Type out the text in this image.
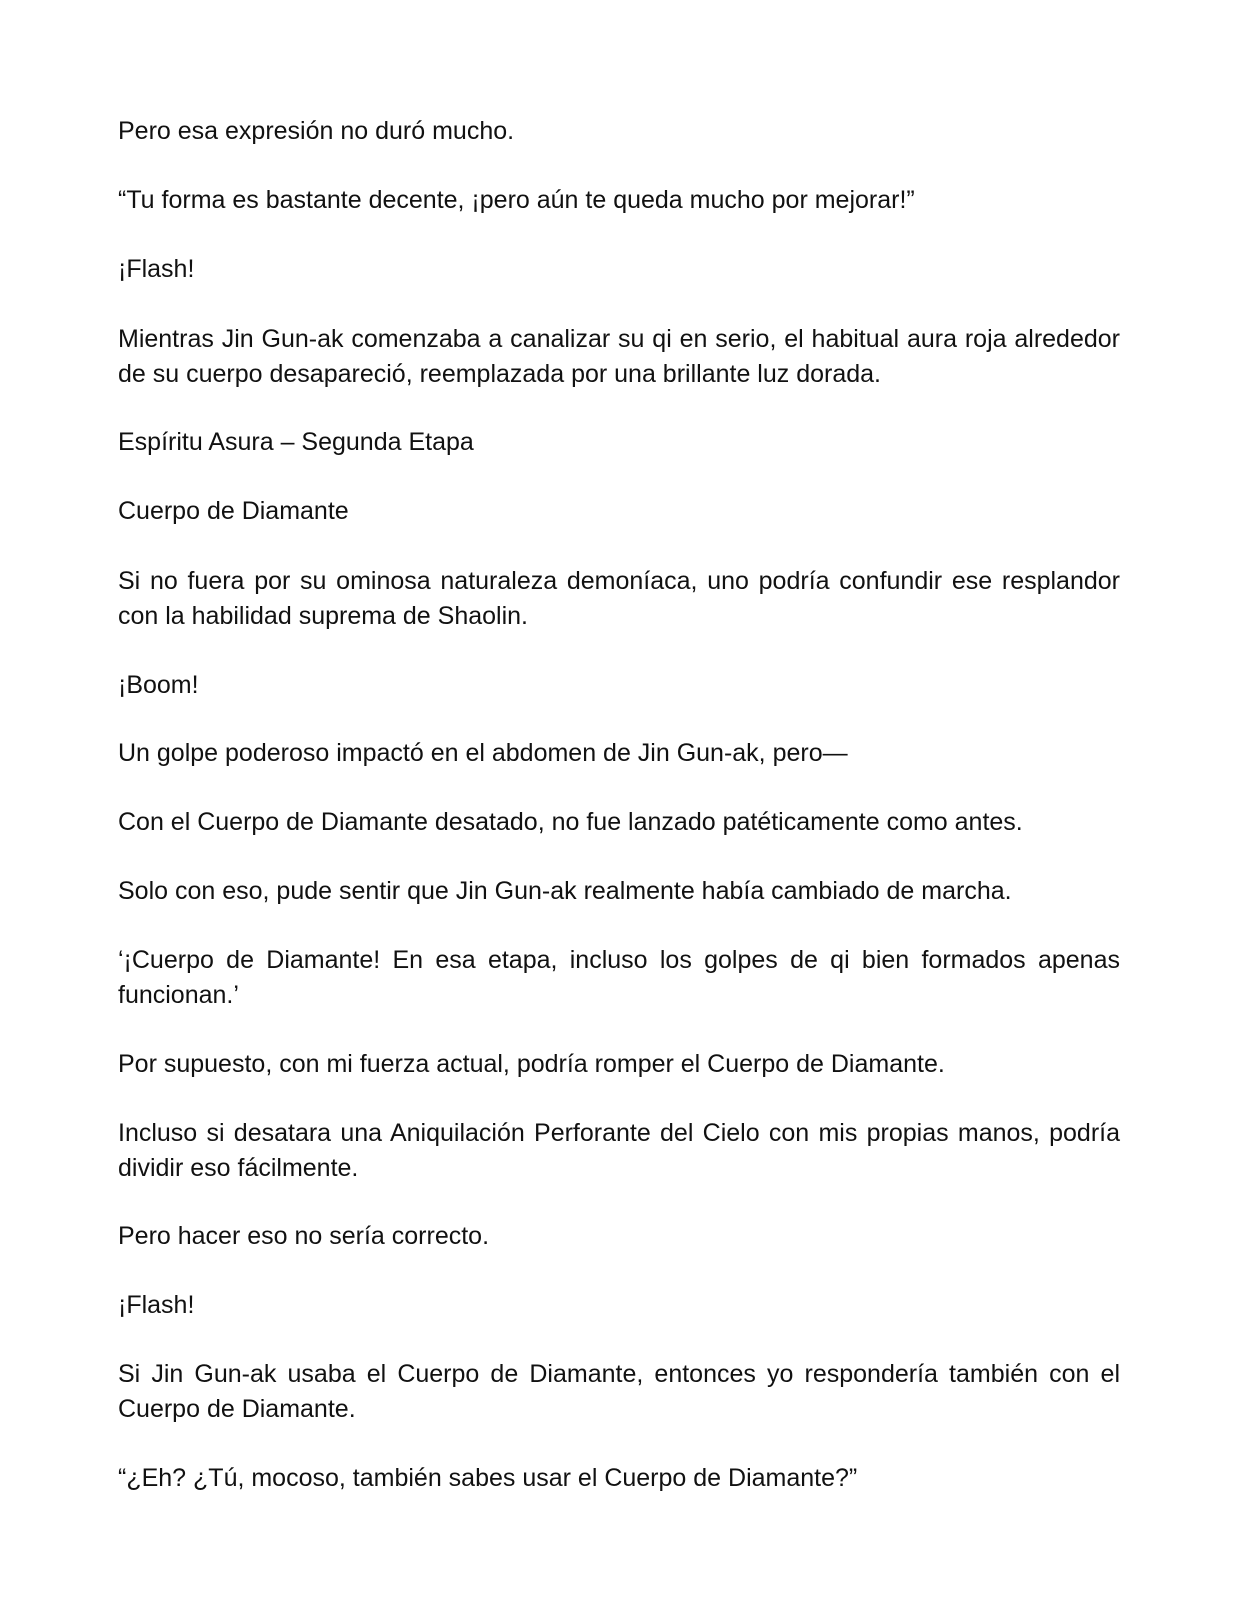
Pero esa expresión no duró mucho.

“Tu forma es bastante decente, ¡pero aún te queda mucho por mejorar!”

¡Flash!

Mientras Jin Gun-ak comenzaba a canalizar su qi en serio, el habitual aura roja alrededor de su cuerpo desapareció, reemplazada por una brillante luz dorada.

Espíritu Asura – Segunda Etapa

Cuerpo de Diamante

Si no fuera por su ominosa naturaleza demoníaca, uno podría confundir ese resplandor con la habilidad suprema de Shaolin.

¡Boom!

Un golpe poderoso impactó en el abdomen de Jin Gun-ak, pero—

Con el Cuerpo de Diamante desatado, no fue lanzado patéticamente como antes.

Solo con eso, pude sentir que Jin Gun-ak realmente había cambiado de marcha.

‘¡Cuerpo de Diamante! En esa etapa, incluso los golpes de qi bien formados apenas funcionan.’

Por supuesto, con mi fuerza actual, podría romper el Cuerpo de Diamante.

Incluso si desatara una Aniquilación Perforante del Cielo con mis propias manos, podría dividir eso fácilmente.

Pero hacer eso no sería correcto.

¡Flash!

Si Jin Gun-ak usaba el Cuerpo de Diamante, entonces yo respondería también con el Cuerpo de Diamante.

“¿Eh? ¿Tú, mocoso, también sabes usar el Cuerpo de Diamante?”
